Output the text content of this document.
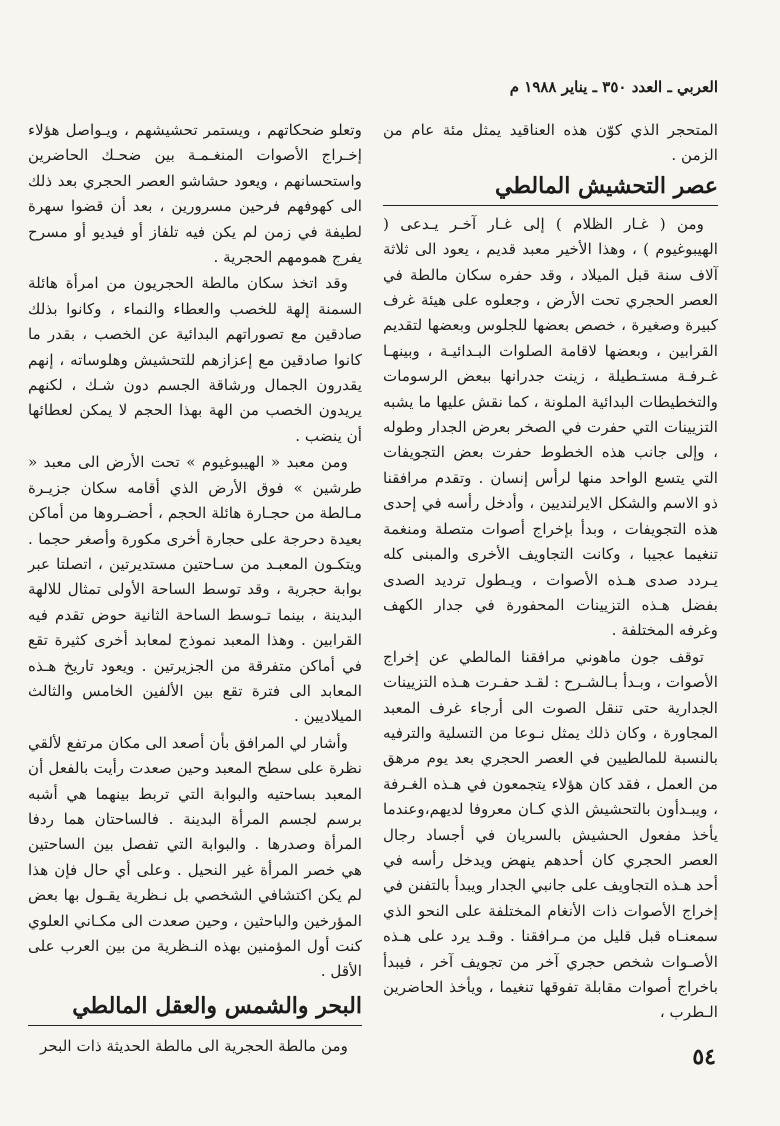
العربي ـ العدد ٣٥٠ ـ يناير ١٩٨٨ م

المتحجر الذي كوّن هذه العناقيد يمثل مئة عام من الزمن .

عصر التحشيش المالطي

ومن ( غـار الظلام ) إلى غـار آخـر يـدعى ( الهيبوغيوم ) ، وهذا الأخير معبد قديم ، يعود الى ثلاثة آلاف سنة قبل الميلاد ، وقد حفره سكان مالطة في العصر الحجري تحت الأرض ، وجعلوه على هيئة غرف كبيرة وصغيرة ، خصص بعضها للجلوس وبعضها لتقديم القرابين ، وبعضها لاقامة الصلوات البـدائيـة ، وبينهـا غـرفـة مستـطيلة ، زينت جدرانها ببعض الرسومات والتخطيطات البدائية الملونة ، كما نقش عليها ما يشبه التزيينات التي حفرت في الصخر بعرض الجدار وطوله ، وإلى جانب هذه الخطوط حفرت بعض التجويفات التي يتسع الواحد منها لرأس إنسان . وتقدم مرافقنا ذو الاسم والشكل الايرلنديين ، وأدخل رأسه في إحدى هذه التجويفات ، وبدأ بإخراج أصوات متصلة ومنغمة تنغيما عجيبا ، وكانت التجاويف الأخرى والمبنى كله يـردد صدى هـذه الأصوات ، ويـطول ترديد الصدى بفضل هـذه التزيينات المحفورة في جدار الكهف وغرفه المختلفة .

توقف جون ماهوني مرافقنا المالطي عن إخراج الأصوات ، وبـدأ بـالشـرح : لقـد حفـرت هـذه التزيينات الجدارية حتى تنقل الصوت الى أرجاء غرف المعبد المجاورة ، وكان ذلك يمثل نـوعا من التسلية والترفيه بالنسبة للمالطيين في العصر الحجري بعد يوم مرهق من العمل ، فقد كان هؤلاء يتجمعون في هـذه الغـرفة ، ويبـدأون بالتحشيش الذي كـان معروفا لديهم،وعندما يأخذ مفعول الحشيش بالسريان في أجساد رجال العصر الحجري كان أحدهم ينهض ويدخل رأسه في أحد هـذه التجاويف على جانبي الجدار ويبدأ بالتفنن في إخراج الأصوات ذات الأنغام المختلفة على النحو الذي سمعنـاه قبل قليل من مـرافقنا . وقـد يرد على هـذه الأصـوات شخص حجري آخر من تجويف آخر ، فيبدأ باخراج أصوات مقابلة تفوقها تنغيما ، ويأخذ الحاضرين الـطرب ،

وتعلو ضحكاتهم ، ويستمر تحشيشهم ، ويـواصل هؤلاء إخـراج الأصوات المنغـمـة بين ضحـك الحاضرين واستحسانهم ، ويعود حشاشو العصر الحجري بعد ذلك الى كهوفهم فرحين مسرورين ، بعد أن قضوا سهرة لطيفة في زمن لم يكن فيه تلفاز أو فيديو أو مسرح يفرج همومهم الحجرية .

وقد اتخذ سكان مالطة الحجريون من امرأة هائلة السمنة إلهة للخصب والعطاء والنماء ، وكانوا بذلك صادقين مع تصوراتهم البدائية عن الخصب ، بقدر ما كانوا صادقين مع إعزازهم للتحشيش وهلوساته ، إنهم يقدرون الجمال ورشاقة الجسم دون شـك ، لكنهم يريدون الخصب من الهة بهذا الحجم لا يمكن لعطائها أن ينضب .

ومن معبد « الهيبوغيوم » تحت الأرض الى معبد « طرشين » فوق الأرض الذي أقامه سكان جزيـرة مـالطة من حجـارة هائلة الحجم ، أحضـروها من أماكن بعيدة دحرجة على حجارة أخرى مكورة وأصغر حجما . ويتكـون المعبـد من سـاحتين مستديرتين ، اتصلتا عبر بوابة حجرية ، وقد توسط الساحة الأولى تمثال للالهة البدينة ، بينما تـوسط الساحة الثانية حوض تقدم فيه القرابين . وهذا المعبد نموذج لمعابد أخرى كثيرة تقع في أماكن متفرقة من الجزيرتين . ويعود تاريخ هـذه المعابد الى فترة تقع بين الألفين الخامس والثالث الميلاديين .

وأشار لي المرافق بأن أصعد الى مكان مرتفع لألقي نظرة على سطح المعبد وحين صعدت رأيت بالفعل أن المعبد بساحتيه والبوابة التي تربط بينهما هي أشبه برسم لجسم المرأة البدينة . فالساحتان هما ردفا المرأة وصدرها . والبوابة التي تفصل بين الساحتين هي خصر المرأة غير النحيل . وعلى أي حال فإن هذا لم يكن اكتشافي الشخصي بل نـظرية يقـول بها بعض المؤرخين والباحثين ، وحين صعدت الى مكـاني العلوي كنت أول المؤمنين بهذه النـظرية من بين العرب على الأقل .

البحر والشمس والعقل المالطي

ومن مالطة الحجرية الى مالطة الحديثة ذات البحر	٥٤
